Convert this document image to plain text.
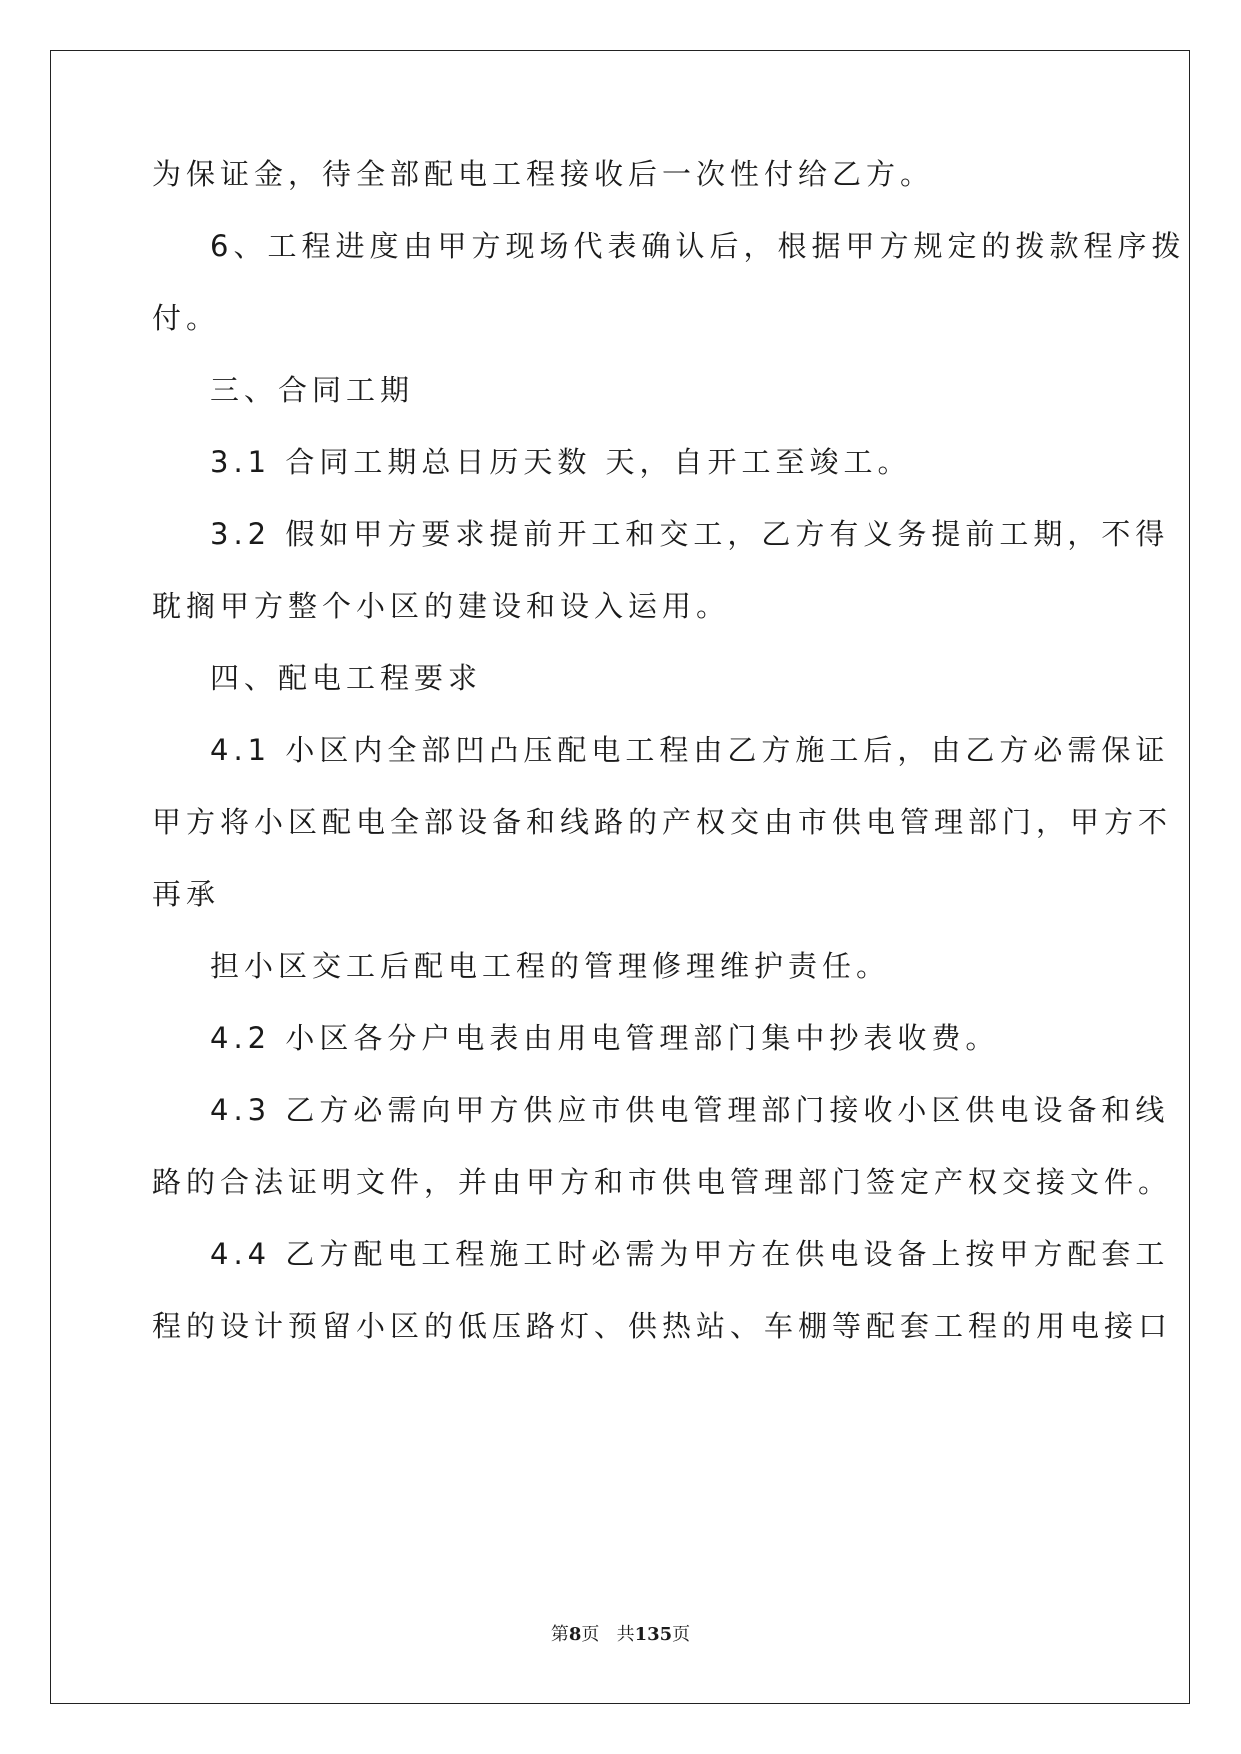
为保证金，待全部配电工程接收后一次性付给乙方。
6、工程进度由甲方现场代表确认后，根据甲方规定的拨款程序拨
付。
三、合同工期
3.1 合同工期总日历天数 天，自开工至竣工。
3.2 假如甲方要求提前开工和交工，乙方有义务提前工期，不得
耽搁甲方整个小区的建设和设入运用。
四、配电工程要求
4.1 小区内全部凹凸压配电工程由乙方施工后，由乙方必需保证
甲方将小区配电全部设备和线路的产权交由市供电管理部门，甲方不
再承
担小区交工后配电工程的管理修理维护责任。
4.2 小区各分户电表由用电管理部门集中抄表收费。
4.3 乙方必需向甲方供应市供电管理部门接收小区供电设备和线
路的合法证明文件，并由甲方和市供电管理部门签定产权交接文件。
4.4 乙方配电工程施工时必需为甲方在供电设备上按甲方配套工
程的设计预留小区的低压路灯、供热站、车棚等配套工程的用电接口
第8页 共135页
